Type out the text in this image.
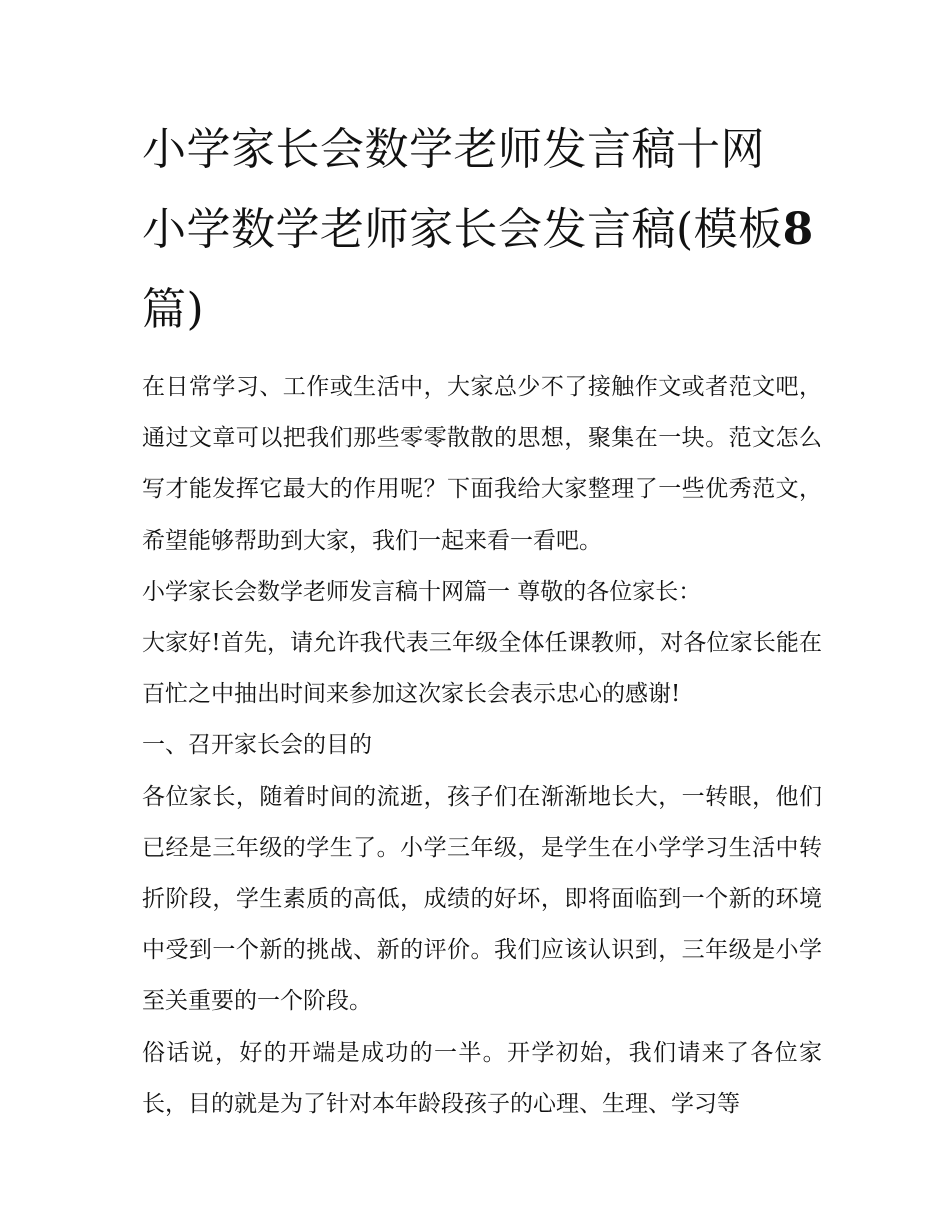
小学家长会数学老师发言稿十网 小学数学老师家长会发言稿(模板8篇)

在日常学习、工作或生活中，大家总少不了接触作文或者范文吧，通过文章可以把我们那些零零散散的思想，聚集在一块。范文怎么写才能发挥它最大的作用呢？下面我给大家整理了一些优秀范文，希望能够帮助到大家，我们一起来看一看吧。

小学家长会数学老师发言稿十网篇一 尊敬的各位家长：

大家好!首先，请允许我代表三年级全体任课教师，对各位家长能在百忙之中抽出时间来参加这次家长会表示忠心的感谢!

一、召开家长会的目的

各位家长，随着时间的流逝，孩子们在渐渐地长大，一转眼，他们已经是三年级的学生了。小学三年级，是学生在小学学习生活中转折阶段，学生素质的高低，成绩的好坏，即将面临到一个新的环境中受到一个新的挑战、新的评价。我们应该认识到，三年级是小学至关重要的一个阶段。

俗话说，好的开端是成功的一半。开学初始，我们请来了各位家长，目的就是为了针对本年龄段孩子的心理、生理、学习等
